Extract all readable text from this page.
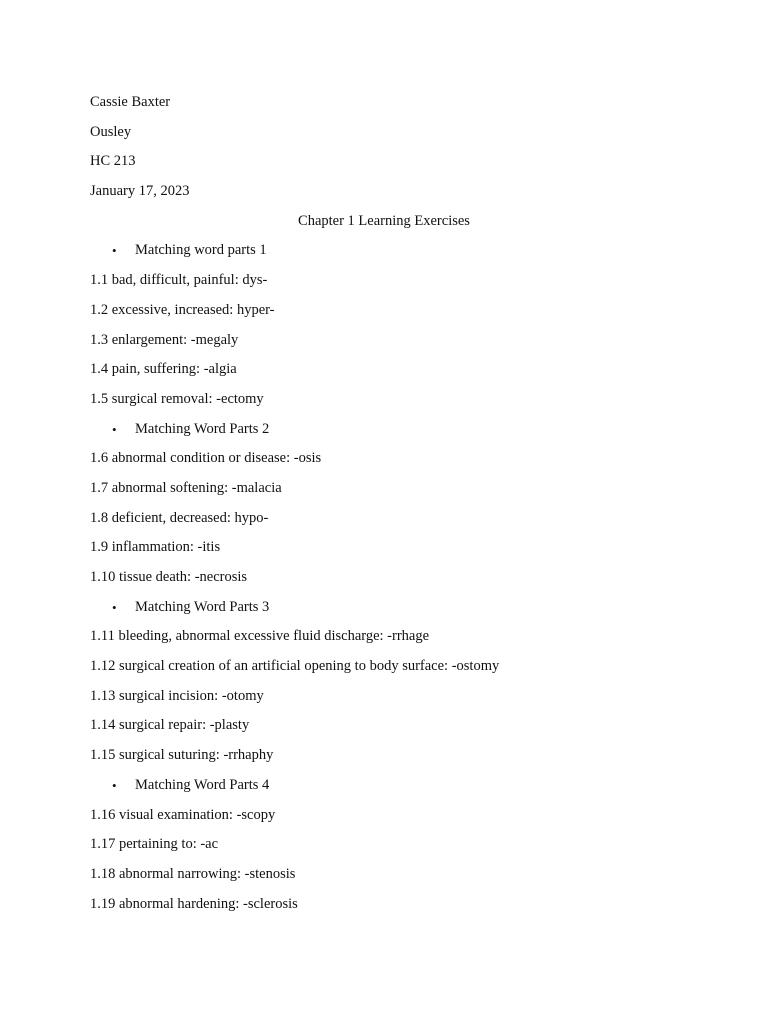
Cassie Baxter
Ousley
HC 213
January 17, 2023
Chapter 1 Learning Exercises
• Matching word parts 1
1.1 bad, difficult, painful: dys-
1.2 excessive, increased: hyper-
1.3 enlargement: -megaly
1.4 pain, suffering: -algia
1.5 surgical removal: -ectomy
• Matching Word Parts 2
1.6 abnormal condition or disease: -osis
1.7 abnormal softening: -malacia
1.8 deficient, decreased: hypo-
1.9 inflammation: -itis
1.10 tissue death: -necrosis
• Matching Word Parts 3
1.11 bleeding, abnormal excessive fluid discharge: -rrhage
1.12 surgical creation of an artificial opening to body surface: -ostomy
1.13 surgical incision: -otomy
1.14 surgical repair: -plasty
1.15 surgical suturing: -rrhaphy
• Matching Word Parts 4
1.16 visual examination: -scopy
1.17 pertaining to: -ac
1.18 abnormal narrowing: -stenosis
1.19 abnormal hardening: -sclerosis
